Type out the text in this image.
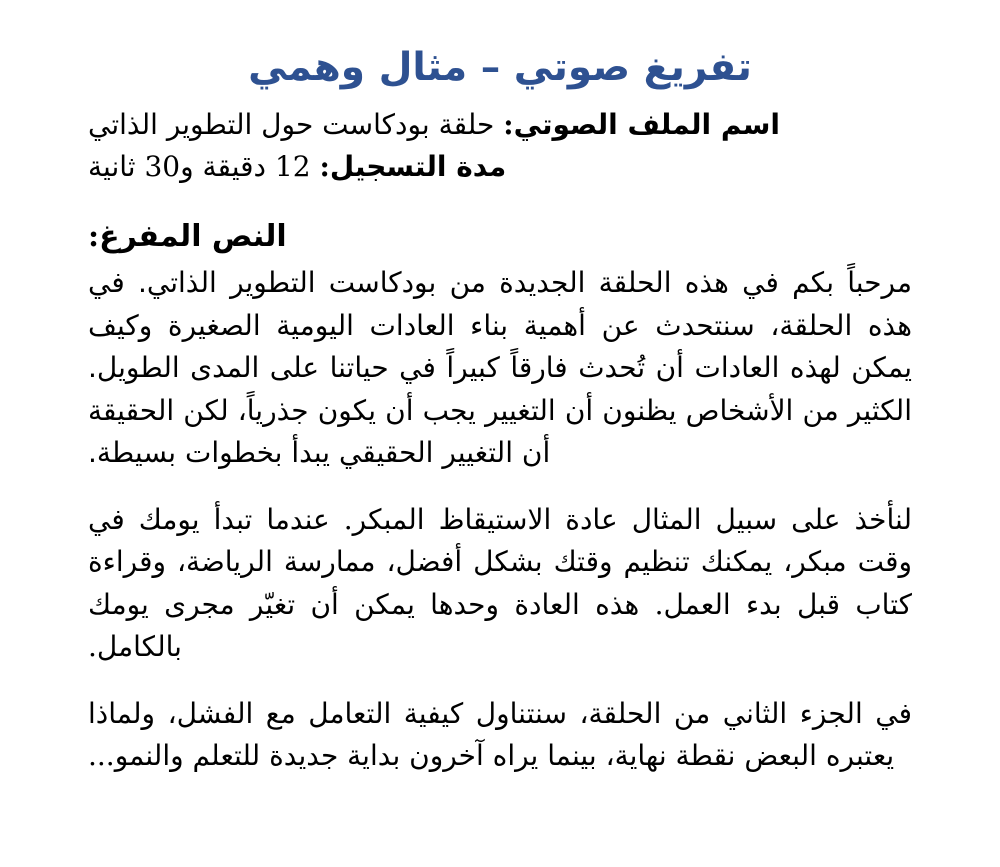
تفريغ صوتي – مثال وهمي
اسم الملف الصوتي: حلقة بودكاست حول التطوير الذاتي
مدة التسجيل: 12 دقيقة و30 ثانية
النص المفرغ:

مرحباً بكم في هذه الحلقة الجديدة من بودكاست التطوير الذاتي. في هذه الحلقة، سنتحدث عن أهمية بناء العادات اليومية الصغيرة وكيف يمكن لهذه العادات أن تُحدث فارقاً كبيراً في حياتنا على المدى الطويل. الكثير من الأشخاص يظنون أن التغيير يجب أن يكون جذرياً، لكن الحقيقة أن التغيير الحقيقي يبدأ بخطوات بسيطة.

لنأخذ على سبيل المثال عادة الاستيقاظ المبكر. عندما تبدأ يومك في وقت مبكر، يمكنك تنظيم وقتك بشكل أفضل، ممارسة الرياضة، وقراءة كتاب قبل بدء العمل. هذه العادة وحدها يمكن أن تغيّر مجرى يومك بالكامل.

في الجزء الثاني من الحلقة، سنتناول كيفية التعامل مع الفشل، ولماذا يعتبره البعض نقطة نهاية، بينما يراه آخرون بداية جديدة للتعلم والنمو...
